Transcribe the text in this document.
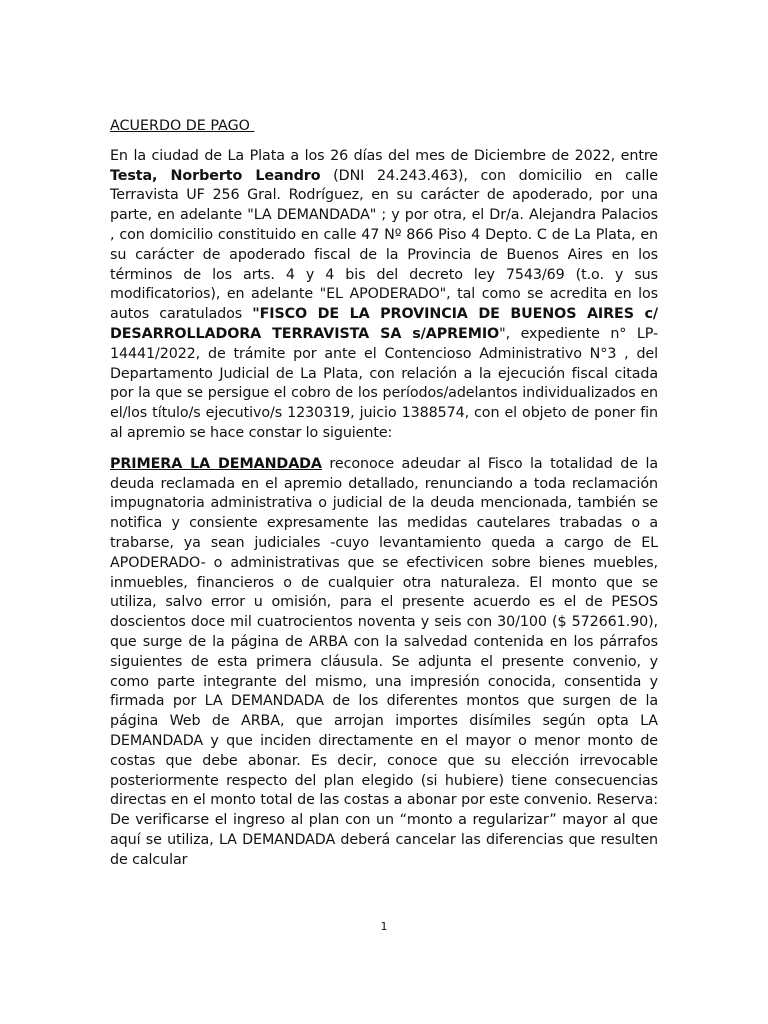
ACUERDO DE PAGO

En la ciudad de La Plata a los 26 días del mes de Diciembre de 2022, entre Testa, Norberto Leandro (DNI 24.243.463), con domicilio en calle Terravista UF 256 Gral. Rodríguez, en su carácter de apoderado, por una parte, en adelante "LA DEMANDADA" ; y por otra, el Dr/a. Alejandra Palacios , con domicilio constituido en calle 47 Nº 866 Piso 4 Depto. C de La Plata, en su carácter de apoderado fiscal de la Provincia de Buenos Aires en los términos de los arts. 4 y 4 bis del decreto ley 7543/69 (t.o. y sus modificatorios), en adelante "EL APODERADO", tal como se acredita en los autos caratulados "FISCO DE LA PROVINCIA DE BUENOS AIRES c/ DESARROLLADORA TERRAVISTA SA s/APREMIO", expediente n° LP-14441/2022, de trámite por ante el Contencioso Administrativo N°3 , del Departamento Judicial de La Plata, con relación a la ejecución fiscal citada por la que se persigue el cobro de los períodos/adelantos individualizados en el/los título/s ejecutivo/s 1230319, juicio 1388574, con el objeto de poner fin al apremio se hace constar lo siguiente:

PRIMERA LA DEMANDADA reconoce adeudar al Fisco la totalidad de la deuda reclamada en el apremio detallado, renunciando a toda reclamación impugnatoria administrativa o judicial de la deuda mencionada, también se notifica y consiente expresamente las medidas cautelares trabadas o a trabarse, ya sean judiciales -cuyo levantamiento queda a cargo de EL APODERADO- o administrativas que se efectivicen sobre bienes muebles, inmuebles, financieros o de cualquier otra naturaleza. El monto que se utiliza, salvo error u omisión, para el presente acuerdo es el de PESOS doscientos doce mil cuatrocientos noventa y seis con 30/100 ($ 572661.90), que surge de la página de ARBA con la salvedad contenida en los párrafos siguientes de esta primera cláusula. Se adjunta el presente convenio, y como parte integrante del mismo, una impresión conocida, consentida y firmada por LA DEMANDADA de los diferentes montos que surgen de la página Web de ARBA, que arrojan importes disímiles según opta LA DEMANDADA y que inciden directamente en el mayor o menor monto de costas que debe abonar. Es decir, conoce que su elección irrevocable posteriormente respecto del plan elegido (si hubiere) tiene consecuencias directas en el monto total de las costas a abonar por este convenio. Reserva: De verificarse el ingreso al plan con un “monto a regularizar” mayor al que aquí se utiliza, LA DEMANDADA deberá cancelar las diferencias que resulten de calcular

1
